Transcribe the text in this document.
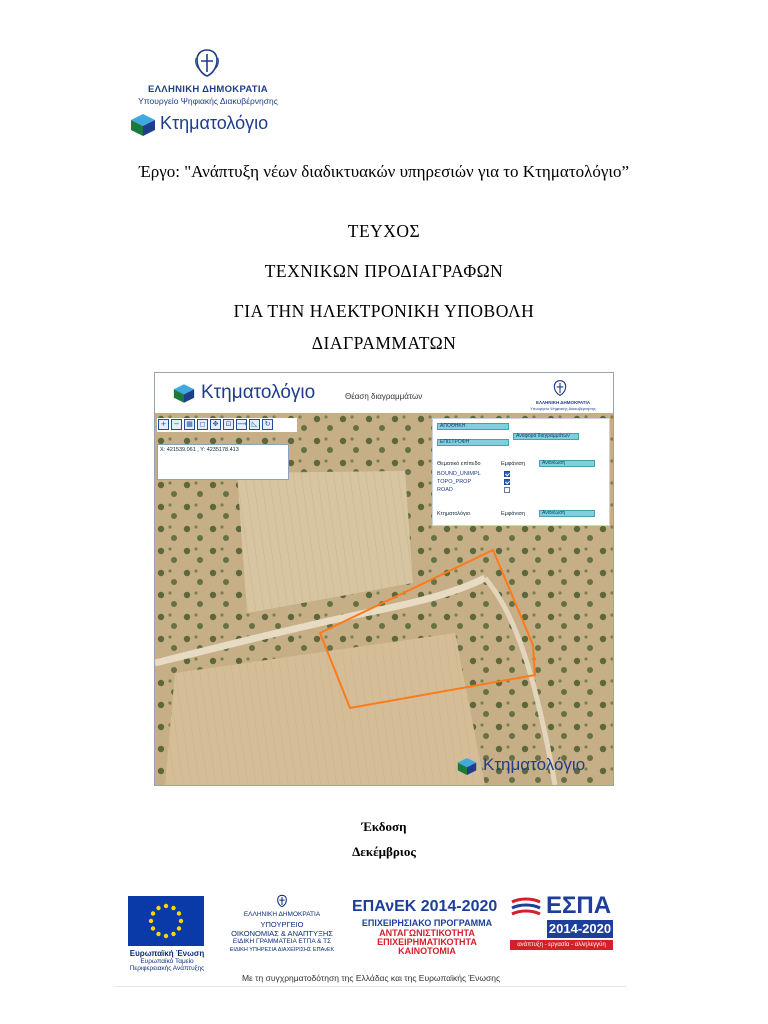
ΕΛΛΗΝΙΚΗ ΔΗΜΟΚΡΑΤΙΑ
Υπουργείο Ψηφιακής Διακυβέρνησης
Κτηματολόγιο
Έργο: "Ανάπτυξη νέων διαδικτυακών υπηρεσιών για το Κτηματολόγιο”
ΤΕΥΧΟΣ
ΤΕΧΝΙΚΩΝ ΠΡΟΔΙΑΓΡΑΦΩΝ
ΓΙΑ ΤΗΝ ΗΛΕΚΤΡΟΝΙΚΗ ΥΠΟΒΟΛΗ
ΔΙΑΓΡΑΜΜΑΤΩΝ
Κτηματολόγιο	Θέαση διαγραμμάτων
ΕΛΛΗΝΙΚΗ ΔΗΜΟΚΡΑΤΙΑ
Υπουργείο Ψηφιακής Διακυβέρνησης
+	− ▦ ◻	✥	⊡ ⟶ ◺	↻
X: 421539.061 , Y: 4235178.413
ΑΠΟΘΗΚΗ
ΕΠΙΣΤΡΟΦΗ
Αναφορά διαγραμμάτων
Θεματικό επίπεδο	Εμφάνιση	Ανανέωση
BOUND_UNIMPL
TOPO_PROP
ROAD
Κτηματολόγιο	Εμφάνιση	Ανανέωση
Κτηματολόγιο
Έκδοση
Δεκέμβριος
Ευρωπαϊκή Ένωση
Ευρωπαϊκό Ταμείο
Περιφερειακής Ανάπτυξης
ΕΛΛΗΝΙΚΗ ΔΗΜΟΚΡΑΤΙΑ
ΥΠΟΥΡΓΕΙΟ
ΟΙΚΟΝΟΜΙΑΣ & ΑΝΑΠΤΥΞΗΣ
ΕΙΔΙΚΗ ΓΡΑΜΜΑΤΕΙΑ ΕΤΠΑ & ΤΣ
ΕΙΔΙΚΗ ΥΠΗΡΕΣΙΑ ΔΙΑΧΕΙΡΙΣΗΣ ΕΠΑνΕΚ
ΕΠΑνΕΚ 2014-2020
ΕΠΙΧΕΙΡΗΣΙΑΚΟ ΠΡΟΓΡΑΜΜΑ
ΑΝΤΑΓΩΝΙΣΤΙΚΟΤΗΤΑ
ΕΠΙΧΕΙΡΗΜΑΤΙΚΟΤΗΤΑ
ΚΑΙΝΟΤΟΜΙΑ
ΕΣΠΑ
2014-2020
ανάπτυξη - εργασία - αλληλεγγύη
Με τη συγχρηματοδότηση της Ελλάδας και της Ευρωπαϊκής Ένωσης
